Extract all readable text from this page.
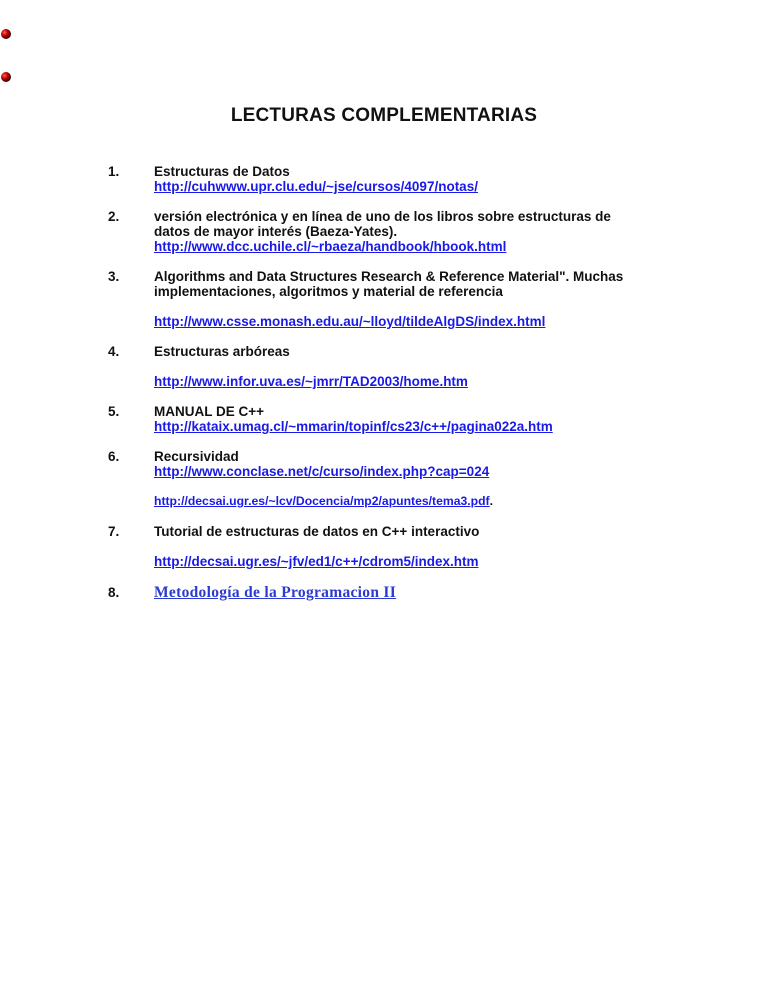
LECTURAS COMPLEMENTARIAS
1.	Estructuras de Datos
http://cuhwww.upr.clu.edu/~jse/cursos/4097/notas/
2.	versión electrónica y en línea de uno de los libros sobre estructuras de
datos de mayor interés (Baeza-Yates).
http://www.dcc.uchile.cl/~rbaeza/handbook/hbook.html
3.	Algorithms and Data Structures Research & Reference Material". Muchas
implementaciones, algoritmos y material de referencia
http://www.csse.monash.edu.au/~lloyd/tildeAlgDS/index.html
4.	Estructuras arbóreas
http://www.infor.uva.es/~jmrr/TAD2003/home.htm
5.	MANUAL DE C++
http://kataix.umag.cl/~mmarin/topinf/cs23/c++/pagina022a.htm
6.	Recursividad
http://www.conclase.net/c/curso/index.php?cap=024
http://decsai.ugr.es/~lcv/Docencia/mp2/apuntes/tema3.pdf.
7.	Tutorial de estructuras de datos en C++ interactivo
http://decsai.ugr.es/~jfv/ed1/c++/cdrom5/index.htm
8. Metodología de la Programacion II
